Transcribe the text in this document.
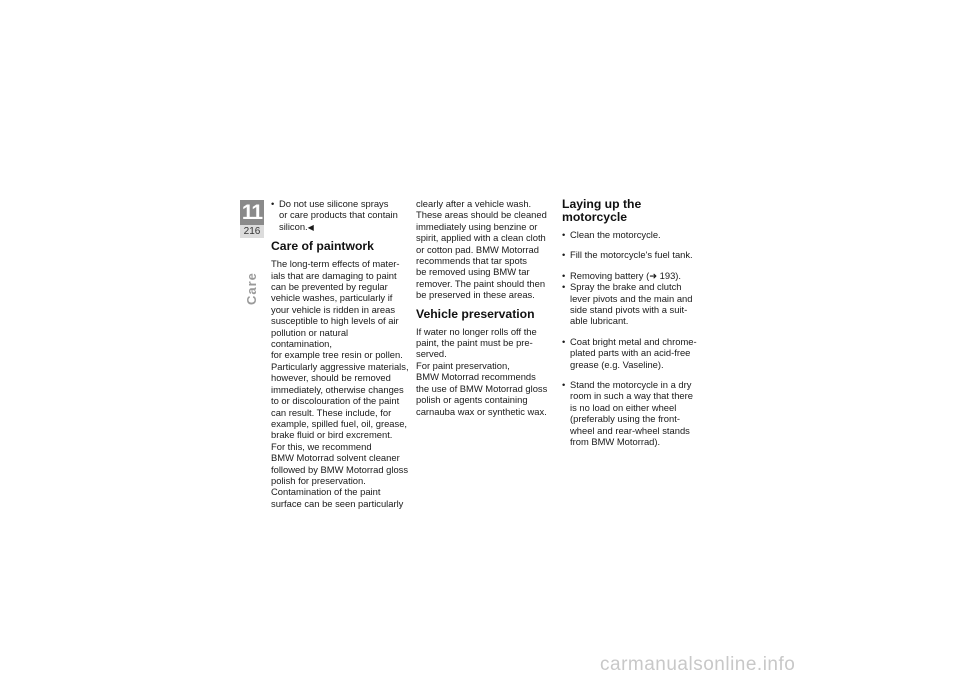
11
216
Care
• Do not use silicone sprays
or care products that contain
silicon.◀
Care of paintwork
The long-term effects of mater-
ials that are damaging to paint
can be prevented by regular
vehicle washes, particularly if
your vehicle is ridden in areas
susceptible to high levels of air
pollution or natural contamination,
for example tree resin or pollen.
Particularly aggressive materials,
however, should be removed
immediately, otherwise changes
to or discolouration of the paint
can result. These include, for
example, spilled fuel, oil, grease,
brake fluid or bird excrement.
For this, we recommend
BMW Motorrad solvent cleaner
followed by BMW Motorrad gloss
polish for preservation.
Contamination of the paint
surface can be seen particularly
clearly after a vehicle wash.
These areas should be cleaned
immediately using benzine or
spirit, applied with a clean cloth
or cotton pad. BMW Motorrad
recommends that tar spots
be removed using BMW tar
remover. The paint should then
be preserved in these areas.
Vehicle preservation
If water no longer rolls off the
paint, the paint must be pre-
served.
For paint preservation,
BMW Motorrad recommends
the use of BMW Motorrad gloss
polish or agents containing
carnauba wax or synthetic wax.
Laying up the
motorcycle
• Clean the motorcycle.
• Fill the motorcycle's fuel tank.
• Removing battery (➜ 193).
• Spray the brake and clutch
lever pivots and the main and
side stand pivots with a suit-
able lubricant.
• Coat bright metal and chrome-
plated parts with an acid-free
grease (e.g. Vaseline).
• Stand the motorcycle in a dry
room in such a way that there
is no load on either wheel
(preferably using the front-
wheel and rear-wheel stands
from BMW Motorrad).
carmanualsonline.info
